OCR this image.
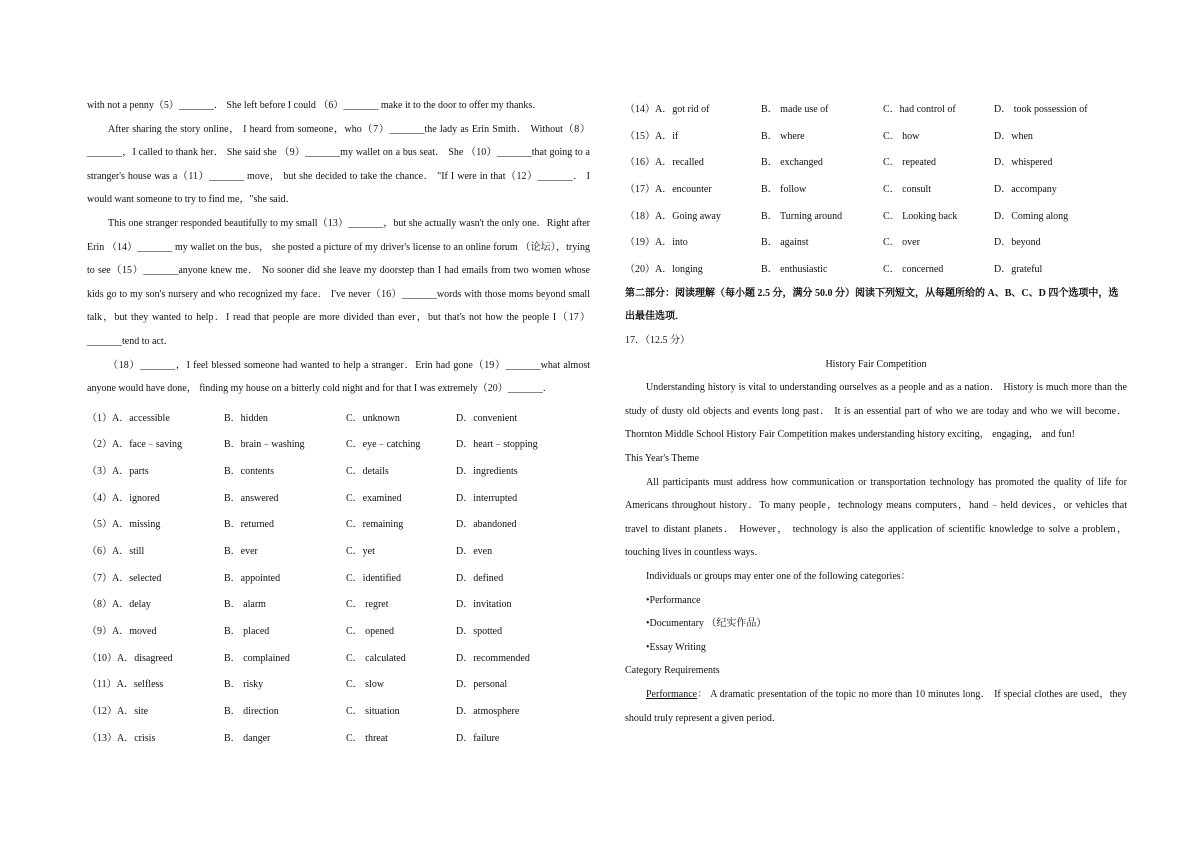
with not a penny（5）_______． She left before I could （6）_______ make it to the door to offer my thanks．
After sharing the story online， I heard from someone，who（7）_______the lady as Erin Smith． Without（8）_______，I called to thank her． She said she （9）_______my wallet on a bus seat． She （10）_______that going to a stranger's house was a（11）_______ move， but she decided to take the chance． "If I were in that（12）_______． I would want someone to try to find me，"she said．
This one stranger responded beautifully to my small（13）_______，but she actually wasn't the only one．Right after Erin （14）_______ my wallet on the bus， she posted a picture of my driver's license to an online forum （论坛），trying to see（15）_______anyone knew me． No sooner did she leave my doorstep than I had emails from two women whose kids go to my son's nursery and who recognized my face． I've never（16）_______words with those moms beyond small talk，but they wanted to help．I read that people are more divided than ever，but that's not how the people I（17）_______tend to act．
（18）_______，I feel blessed someone had wanted to help a stranger．Erin had gone（19）_______what almost anyone would have done， finding my house on a bitterly cold night and for that I was extremely（20）_______．
（1）A．accessible	B．hidden	C．unknown	D．convenient
（2）A．face﹣saving	B．brain﹣washing	C．eye﹣catching	D．heart﹣stopping
（3）A．parts	B．contents	C．details	D．ingredients
（4）A．ignored	B．answered	C．examined	D．interrupted
（5）A．missing	B．returned	C．remaining	D．abandoned
（6）A．still	B．ever	C．yet	D．even
（7）A．selected	B．appointed	C．identified	D．defined
（8）A．delay	B． alarm	C． regret	D．invitation
（9）A．moved	B． placed	C． opened	D．spotted
（10）A．disagreed	B． complained	C． calculated	D．recommended
（11）A．selfless	B． risky	C． slow	D．personal
（12）A．site	B． direction	C． situation	D．atmosphere
（13）A．crisis	B． danger	C． threat	D．failure
（14）A．got rid of	B． made use of	C．had control of	D． took possession of
（15）A．if	B． where	C． how	D．when
（16）A．recalled	B． exchanged	C． repeated	D．whispered
（17）A．encounter	B． follow	C． consult	D．accompany
（18）A．Going away	B． Turning around	C． Looking back	D．Coming along
（19）A．into	B． against	C． over	D．beyond
（20）A．longing	B． enthusiastic	C． concerned	D．grateful
第二部分：阅读理解（每小题 2.5 分，满分 50.0 分）阅读下列短文，从每题所给的 A、B、C、D 四个选项中，选出最佳选项．
17．（12.5 分）
History Fair Competition
Understanding history is vital to understanding ourselves as a people and as a nation． History is much more than the study of dusty old objects and events long past． It is an essential part of who we are today and who we will become． Thornton Middle School History Fair Competition makes understanding history exciting， engaging， and fun!
This Year's Theme
All participants must address how communication or transportation technology has promoted the quality of life for Americans throughout history．To many people，technology means computers，hand﹣held devices，or vehicles that travel to distant planets． However， technology is also the application of scientific knowledge to solve a problem， touching lives in countless ways．
Individuals or groups may enter one of the following categories：
•Performance
•Documentary （纪实作品）
•Essay Writing
Category Requirements
Performance： A dramatic presentation of the topic no more than 10 minutes long． If special clothes are used，they should truly represent a given period．
